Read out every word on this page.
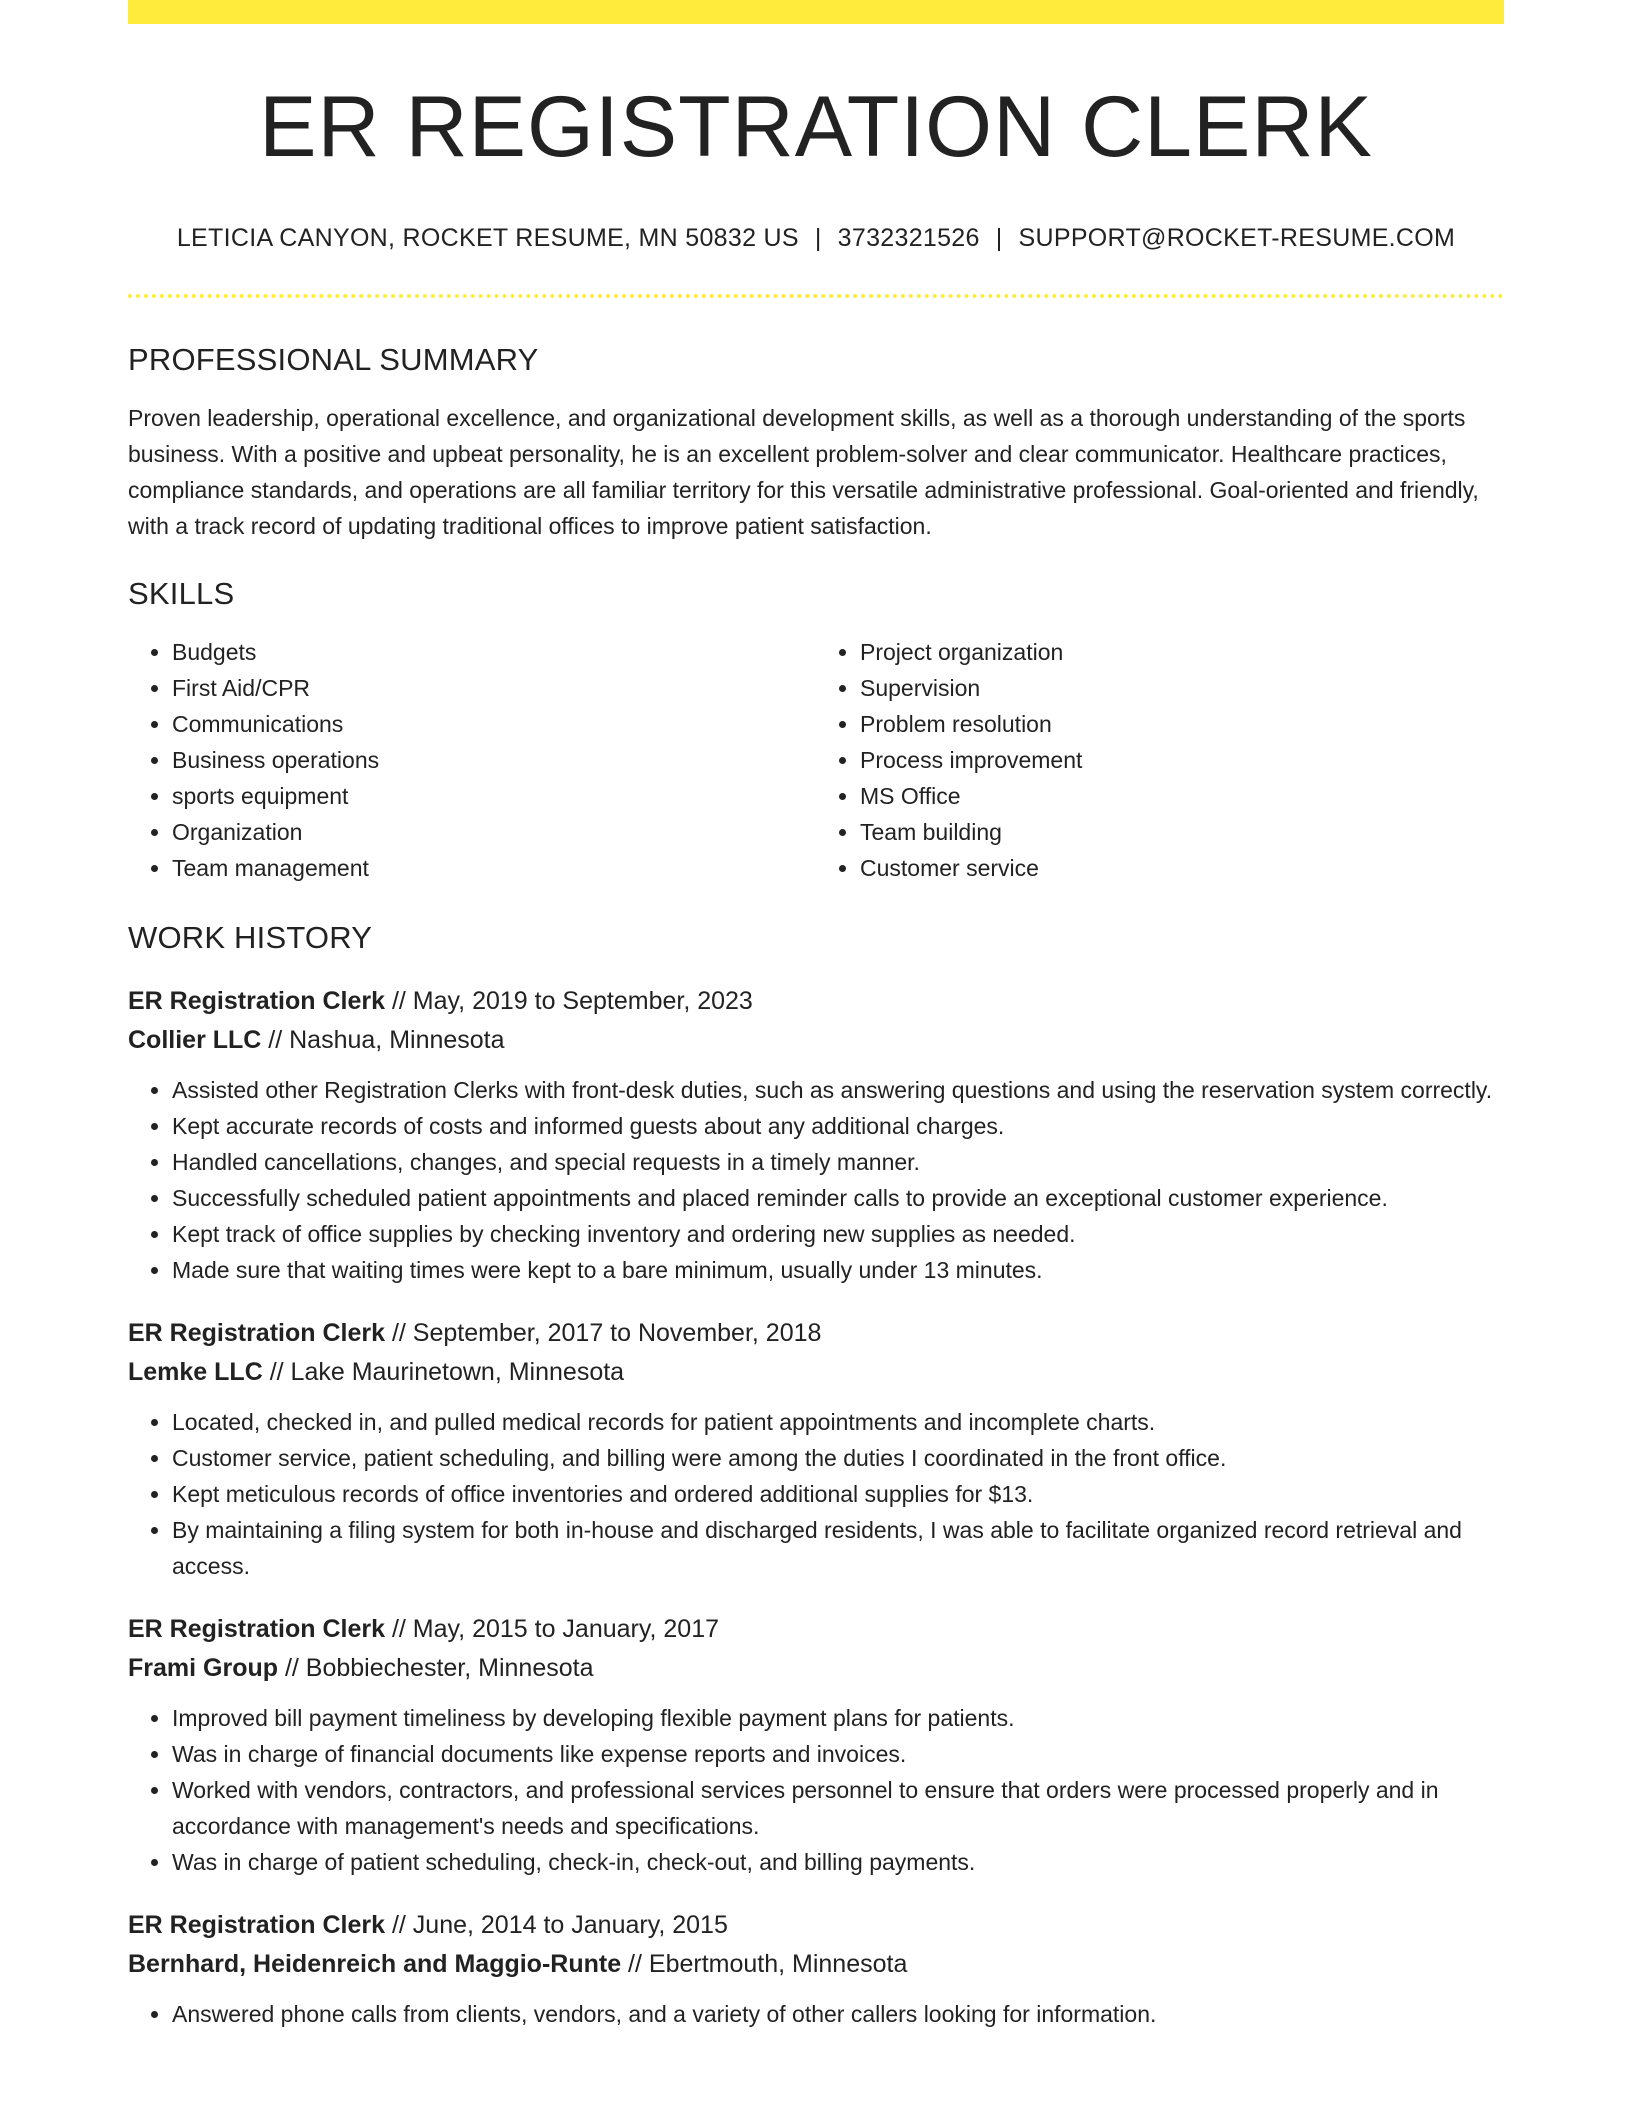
ER REGISTRATION CLERK
LETICIA CANYON, ROCKET RESUME, MN 50832 US | 3732321526 | SUPPORT@ROCKET-RESUME.COM
PROFESSIONAL SUMMARY

Proven leadership, operational excellence, and organizational development skills, as well as a thorough understanding of the sports business. With a positive and upbeat personality, he is an excellent problem-solver and clear communicator. Healthcare practices, compliance standards, and operations are all familiar territory for this versatile administrative professional. Goal-oriented and friendly, with a track record of updating traditional offices to improve patient satisfaction.

SKILLS
• Budgets
• First Aid/CPR
• Communications
• Business operations
• sports equipment
• Organization
• Team management
• Project organization
• Supervision
• Problem resolution
• Process improvement
• MS Office
• Team building
• Customer service
WORK HISTORY
ER Registration Clerk // May, 2019 to September, 2023
Collier LLC // Nashua, Minnesota
• Assisted other Registration Clerks with front-desk duties, such as answering questions and using the reservation system correctly.
• Kept accurate records of costs and informed guests about any additional charges.
• Handled cancellations, changes, and special requests in a timely manner.
• Successfully scheduled patient appointments and placed reminder calls to provide an exceptional customer experience.
• Kept track of office supplies by checking inventory and ordering new supplies as needed.
• Made sure that waiting times were kept to a bare minimum, usually under 13 minutes.
ER Registration Clerk // September, 2017 to November, 2018
Lemke LLC // Lake Maurinetown, Minnesota
• Located, checked in, and pulled medical records for patient appointments and incomplete charts.
• Customer service, patient scheduling, and billing were among the duties I coordinated in the front office.
• Kept meticulous records of office inventories and ordered additional supplies for $13.
• By maintaining a filing system for both in-house and discharged residents, I was able to facilitate organized record retrieval and access.
ER Registration Clerk // May, 2015 to January, 2017
Frami Group // Bobbiechester, Minnesota
• Improved bill payment timeliness by developing flexible payment plans for patients.
• Was in charge of financial documents like expense reports and invoices.
• Worked with vendors, contractors, and professional services personnel to ensure that orders were processed properly and in accordance with management's needs and specifications.
• Was in charge of patient scheduling, check-in, check-out, and billing payments.
ER Registration Clerk // June, 2014 to January, 2015
Bernhard, Heidenreich and Maggio-Runte // Ebertmouth, Minnesota
• Answered phone calls from clients, vendors, and a variety of other callers looking for information.
